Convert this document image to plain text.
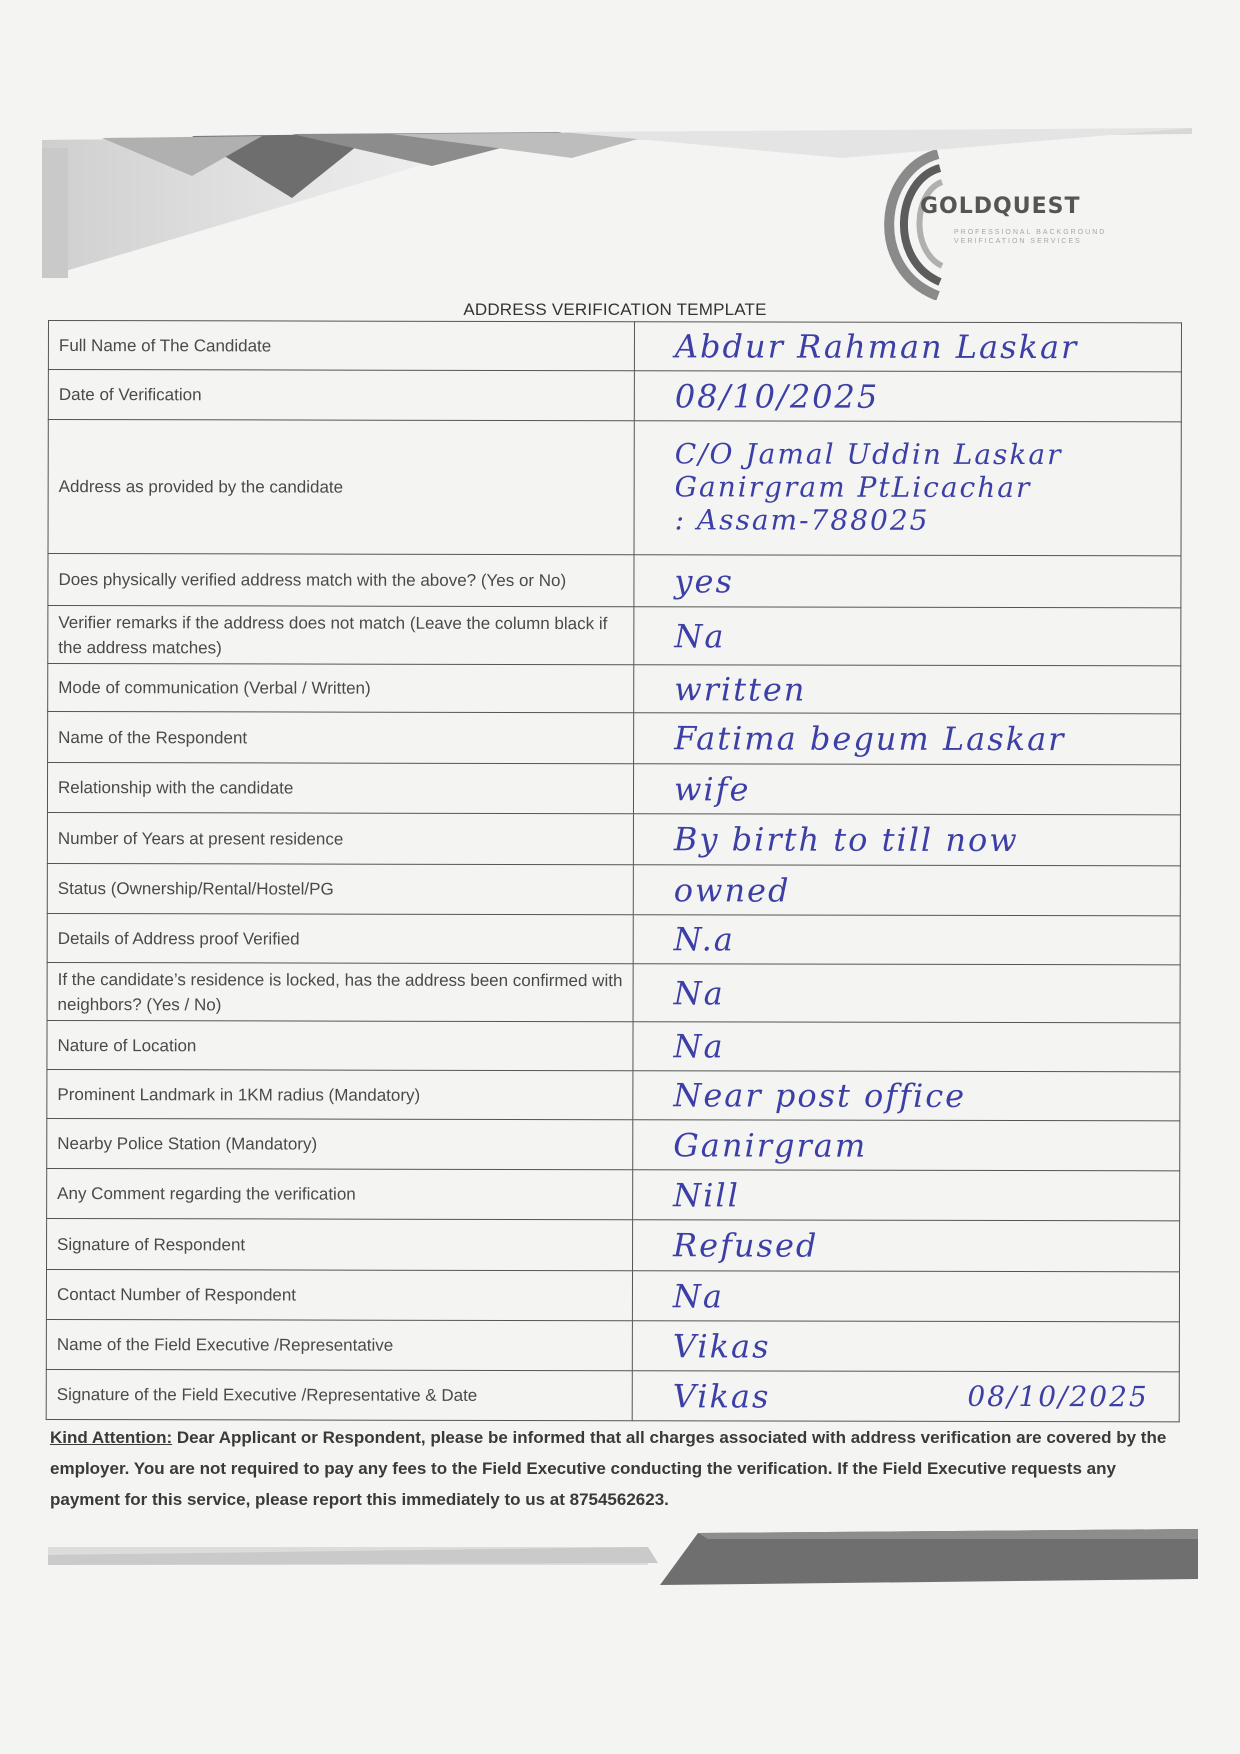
GOLDQUEST
PROFESSIONAL BACKGROUND VERIFICATION SERVICES
ADDRESS VERIFICATION TEMPLATE
Full Name of The Candidate	Abdur Rahman Laskar
Date of Verification	08/10/2025
Address as provided by the candidate	C/O Jamal Uddin Laskar
Ganirgram PtLicachar
: Assam-788025

Does physically verified address match with the above? (Yes or No)	yes
Verifier remarks if the address does not match (Leave the column black if the address matches)	Na
Mode of communication (Verbal / Written)	written
Name of the Respondent	Fatima begum Laskar
Relationship with the candidate	wife
Number of Years at present residence	By birth to till now
Status (Ownership/Rental/Hostel/PG	owned
Details of Address proof Verified	N.a
If the candidate’s residence is locked, has the address been confirmed with neighbors? (Yes / No)	Na
Nature of Location	Na
Prominent Landmark in 1KM radius (Mandatory)	Near post office
Nearby Police Station (Mandatory)	Ganirgram
Any Comment regarding the verification	Nill
Signature of Respondent	Refused
Contact Number of Respondent	Na
Name of the Field Executive /Representative	Vikas
Signature of the Field Executive /Representative & Date	Vikas 08/10/2025
Kind Attention: Dear Applicant or Respondent, please be informed that all charges associated with address verification are covered by the employer. You are not required to pay any fees to the Field Executive conducting the verification. If the Field Executive requests any payment for this service, please report this immediately to us at 8754562623.
